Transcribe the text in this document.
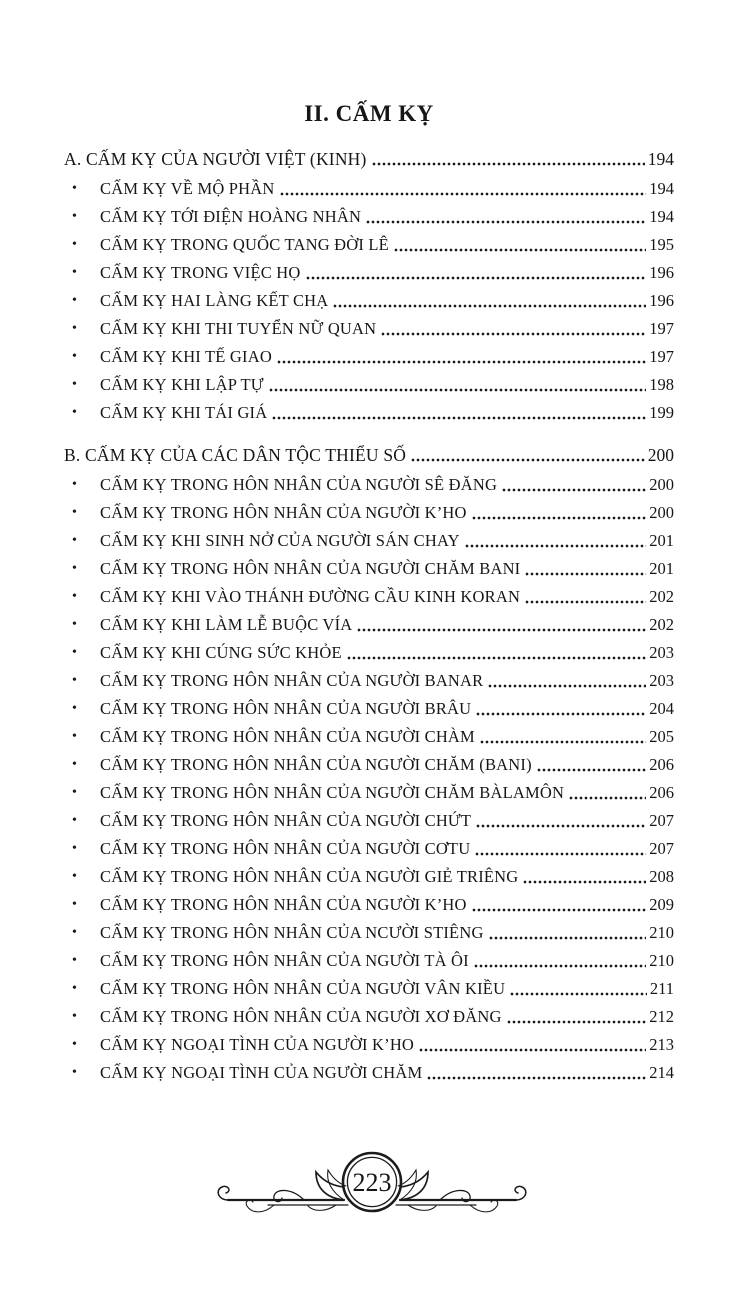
II. CẤM KỴ
A. CẤM KỴ CỦA NGƯỜI VIỆT (KINH)	194
•	CẤM KỴ VỀ MỘ PHẦN	194
•	CẤM KỴ TỚI ĐIỆN HOÀNG NHÂN	194
•	CẤM KỴ TRONG QUỐC TANG ĐỜI LÊ	195
•	CẤM KỴ TRONG VIỆC HỌ	196
•	CẤM KỴ HAI LÀNG KẾT CHẠ	196
•	CẤM KỴ KHI THI TUYỂN NỮ QUAN	197
•	CẤM KỴ KHI TẾ GIAO	197
•	CẤM KỴ KHI LẬP TỰ	198
•	CẤM KỴ KHI TÁI GIÁ	199
B. CẤM KỴ CỦA CÁC DÂN TỘC THIỂU SỐ	200
•	CẤM KỴ TRONG HÔN NHÂN CỦA NGƯỜI SÊ ĐĂNG	200
•	CẤM KỴ TRONG HÔN NHÂN CỦA NGƯỜI K’HO	200
•	CẤM KỴ KHI SINH NỞ CỦA NGƯỜI SÁN CHAY	201
•	CẤM KỴ TRONG HÔN NHÂN CỦA NGƯỜI CHĂM BANI	201
•	CẤM KỴ KHI VÀO THÁNH ĐƯỜNG CẦU KINH KORAN	202
•	CẤM KỴ KHI LÀM LỄ BUỘC VÍA	202
•	CẤM KỴ KHI CÚNG SỨC KHỎE	203
•	CẤM KỴ TRONG HÔN NHÂN CỦA NGƯỜI BANAR	203
•	CẤM KỴ TRONG HÔN NHÂN CỦA NGƯỜI BRÂU	204
•	CẤM KỴ TRONG HÔN NHÂN CỦA NGƯỜI CHÀM	205
•	CẤM KỴ TRONG HÔN NHÂN CỦA NGƯỜI CHĂM (BANI)	206
•	CẤM KỴ TRONG HÔN NHÂN CỦA NGƯỜI CHĂM BÀLAMÔN	206
•	CẤM KỴ TRONG HÔN NHÂN CỦA NGƯỜI CHỨT	207
•	CẤM KỴ TRONG HÔN NHÂN CỦA NGƯỜI CƠTU	207
•	CẤM KỴ TRONG HÔN NHÂN CỦA NGƯỜI GIẺ TRIÊNG	208
•	CẤM KỴ TRONG HÔN NHÂN CỦA NGƯỜI K’HO	209
•	CẤM KỴ TRONG HÔN NHÂN CỦA NCƯỜI STIÊNG	210
•	CẤM KỴ TRONG HÔN NHÂN CỦA NGƯỜI TÀ ÔI	210
•	CẤM KỴ TRONG HÔN NHÂN CỦA NGƯỜI VÂN KIỀU	211
•	CẤM KỴ TRONG HÔN NHÂN CỦA NGƯỜI XƠ ĐĂNG	212
•	CẤM KỴ NGOẠI TÌNH CỦA NGƯỜI K’HO	213
•	CẤM KỴ NGOẠI TÌNH CỦA NGƯỜI CHĂM	214
223
